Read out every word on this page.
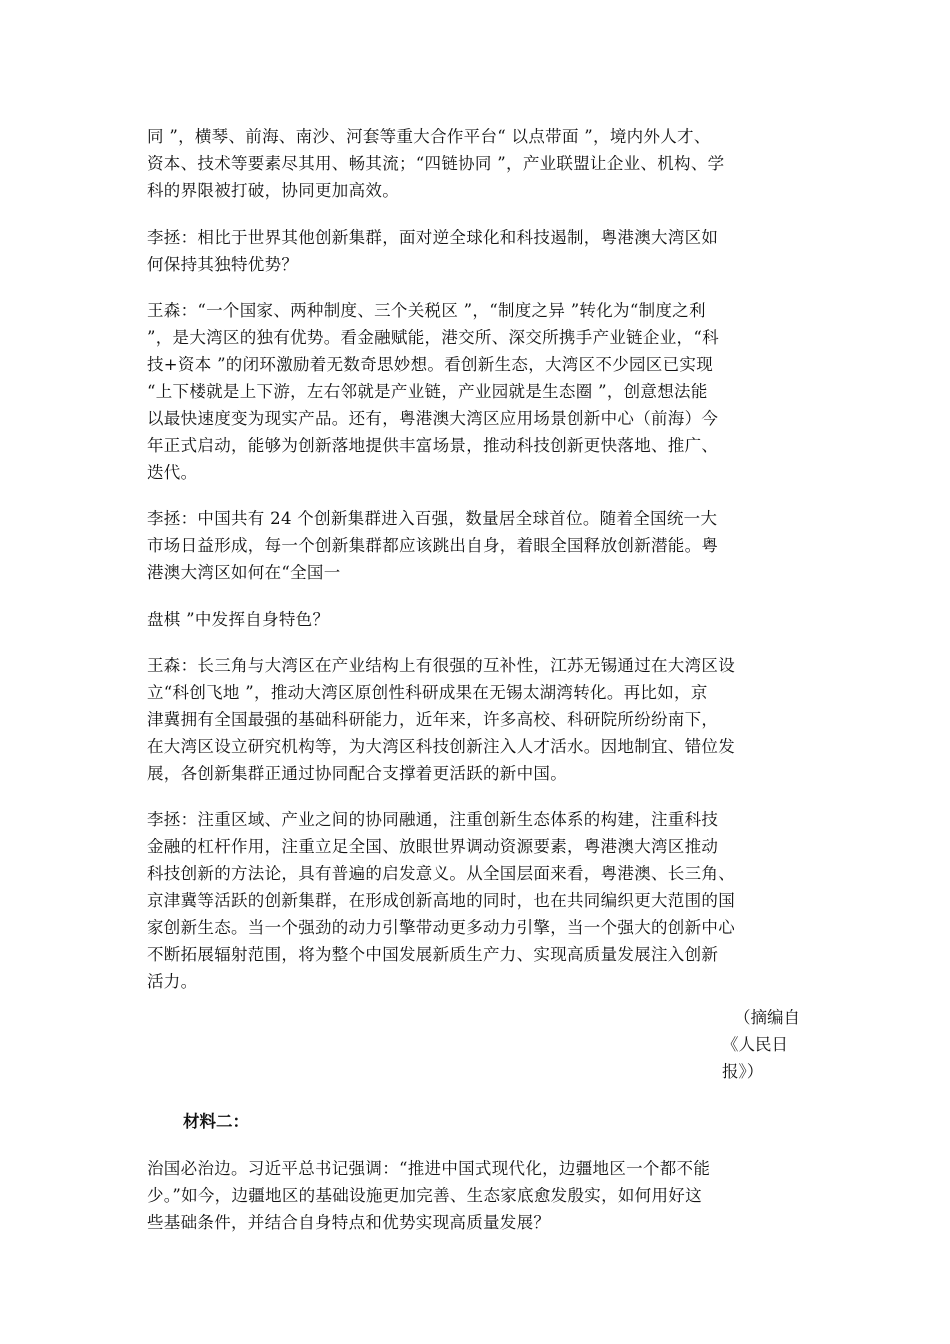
同 ”，横琴、前海、南沙、河套等重大合作平台“ 以点带面 ”，境内外人才、

资本、技术等要素尽其用、畅其流；“四链协同 ”，产业联盟让企业、机构、学

科的界限被打破，协同更加高效。

李拯：相比于世界其他创新集群，面对逆全球化和科技遏制，粤港澳大湾区如

何保持其独特优势？

王森：“一个国家、两种制度、三个关税区 ”，“制度之异 ”转化为“制度之利

”，是大湾区的独有优势。看金融赋能，港交所、深交所携手产业链企业，“科

技+资本 ”的闭环激励着无数奇思妙想。看创新生态，大湾区不少园区已实现

“上下楼就是上下游，左右邻就是产业链，产业园就是生态圈 ”，创意想法能

以最快速度变为现实产品。还有，粤港澳大湾区应用场景创新中心（前海）今

年正式启动，能够为创新落地提供丰富场景，推动科技创新更快落地、推广、

迭代。

李拯：中国共有 24 个创新集群进入百强，数量居全球首位。随着全国统一大

市场日益形成，每一个创新集群都应该跳出自身，着眼全国释放创新潜能。粤

港澳大湾区如何在“全国一

盘棋 ”中发挥自身特色？

王森：长三角与大湾区在产业结构上有很强的互补性，江苏无锡通过在大湾区设

立“科创飞地 ”，推动大湾区原创性科研成果在无锡太湖湾转化。再比如，京

津冀拥有全国最强的基础科研能力，近年来，许多高校、科研院所纷纷南下，

在大湾区设立研究机构等，为大湾区科技创新注入人才活水。因地制宜、错位发

展，各创新集群正通过协同配合支撑着更活跃的新中国。

李拯：注重区域、产业之间的协同融通，注重创新生态体系的构建，注重科技

金融的杠杆作用，注重立足全国、放眼世界调动资源要素，粤港澳大湾区推动

科技创新的方法论，具有普遍的启发意义。从全国层面来看，粤港澳、长三角、

京津冀等活跃的创新集群，在形成创新高地的同时，也在共同编织更大范围的国

家创新生态。当一个强劲的动力引擎带动更多动力引擎，当一个强大的创新中心

不断拓展辐射范围，将为整个中国发展新质生产力、实现高质量发展注入创新

活力。

（摘编自
《人民日
报》）
材料二：

治国必治边。习近平总书记强调：“推进中国式现代化，边疆地区一个都不能

少。”如今，边疆地区的基础设施更加完善、生态家底愈发殷实，如何用好这

些基础条件，并结合自身特点和优势实现高质量发展？
